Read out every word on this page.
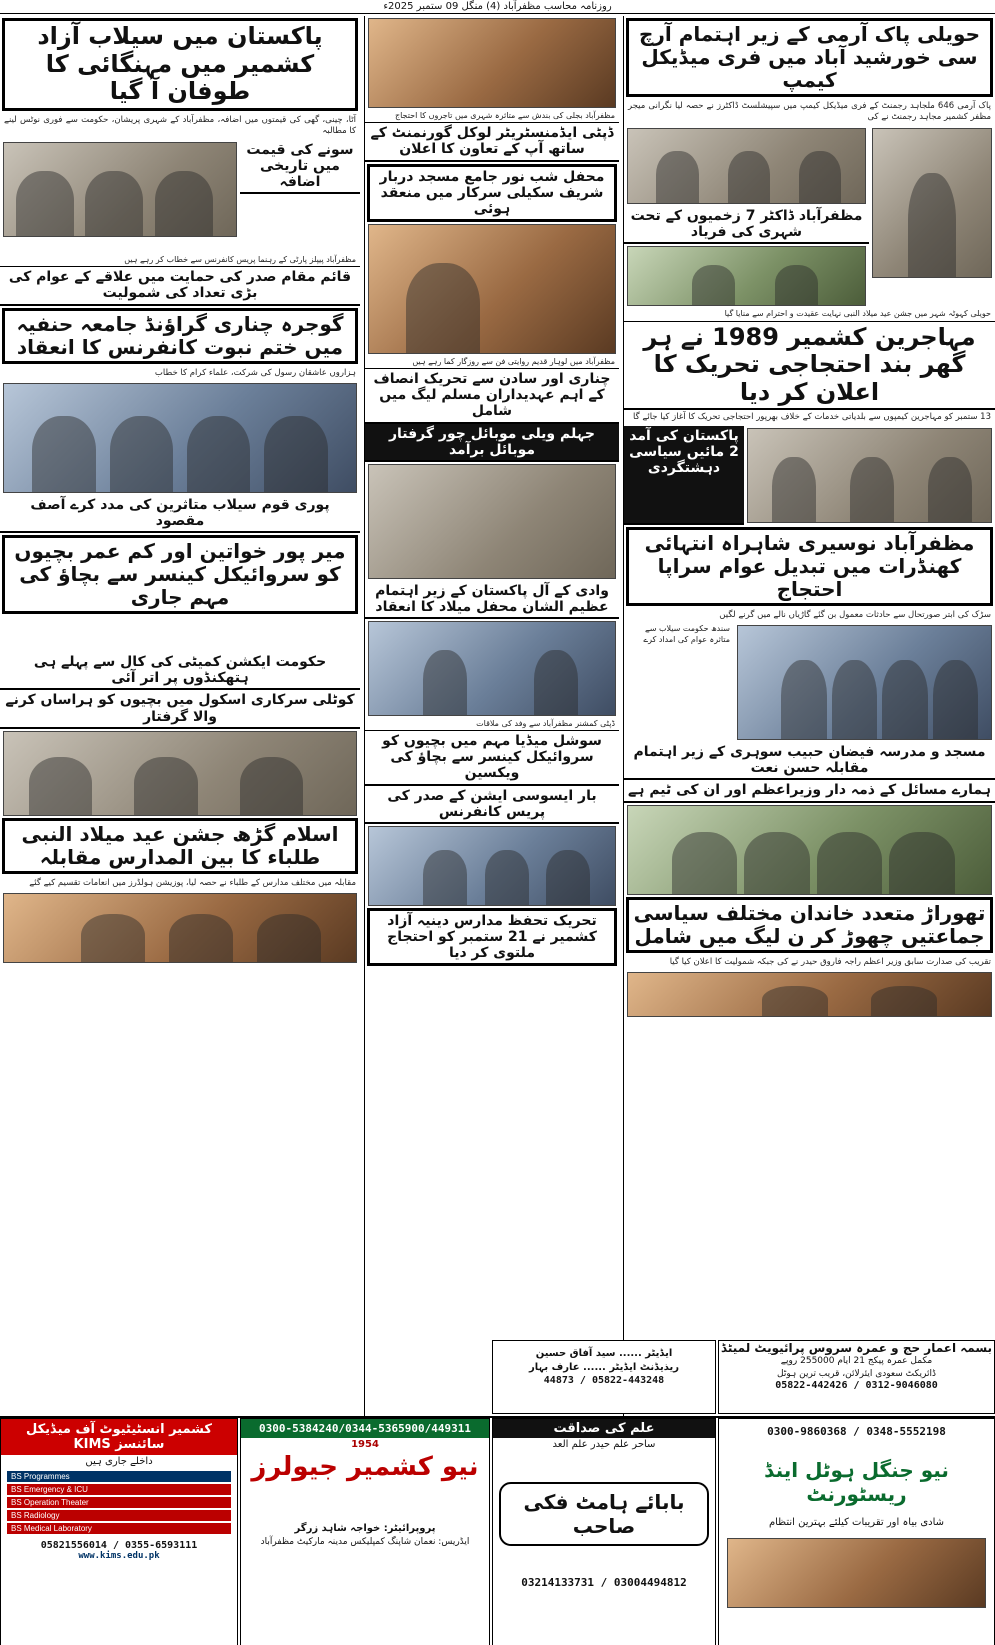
روزنامہ محاسب مظفرآباد (4) منگل 09 ستمبر 2025ء
حویلی پاک آرمی کے زیر اہتمام آرچ سی خورشید آباد میں فری میڈیکل کیمپ
پاک آرمی 646 ملجاہد رجمنٹ کے فری میڈیکل کیمپ میں سپیشلسٹ ڈاکٹرز نے حصہ لیا نگرانی میجر مظفر کشمیر مجاہد رجمنٹ نے کی
مظفرآباد ڈاکٹر 7 زخمیوں کے تحت شہری کی فریاد
حویلی کہوٹہ شہر میں جشن عید میلاد النبی نہایت عقیدت و احترام سے منایا گیا
مہاجرین کشمیر 1989 نے ہر گھر بند احتجاجی تحریک کا اعلان کر دیا
13 ستمبر کو مہاجرین کیمپوں سے بلدیاتی خدمات کے خلاف بھرپور احتجاجی تحریک کا آغاز کیا جائے گا
پاکستان کی آمد 2 مائیں سیاسی دہشتگردی
مظفرآباد نوسیری شاہراہ انتہائی کھنڈرات میں تبدیل عوام سراپا احتجاج
سڑک کی ابتر صورتحال سے حادثات معمول بن گئے گاڑیاں نالے میں گرنے لگیں
سندھ حکومت سیلاب سے متاثرہ عوام کی امداد کرے
مسجد و مدرسہ فیضان حبیب سوہری کے زیر اہتمام مقابلہ حسن نعت
ہمارے مسائل کے ذمہ دار وزیراعظم اور ان کی ٹیم ہے
تھوراڑ متعدد خاندان مختلف سیاسی جماعتیں چھوڑ کر ن لیگ میں شامل
تقریب کی صدارت سابق وزیر اعظم راجہ فاروق حیدر نے کی جبکہ شمولیت کا اعلان کیا گیا
مظفرآباد بجلی کی بندش سے متاثرہ شہری میں تاجروں کا احتجاج
ڈپٹی ایڈمنسٹریٹر لوکل گورنمنٹ کے ساتھ آپ کے تعاون کا اعلان
محفل شب نور جامع مسجد دربار شریف سکیلی سرکار میں منعقد ہوئی
مظفرآباد میں لوہار قدیم روایتی فن سے روزگار کما رہے ہیں
چناری اور سادن سے تحریک انصاف کے اہم عہدیداران مسلم لیگ میں شامل
جہلم ویلی موبائل چور گرفتار موبائل برآمد
وادی کے آل پاکستان کے زیر اہتمام عظیم الشان محفل میلاد کا انعقاد
ڈپٹی کمشنر مظفرآباد سے وفد کی ملاقات
سوشل میڈیا مہم میں بچیوں کو سروائیکل کینسر سے بچاؤ کی ویکسین
بار ایسوسی ایشن کے صدر کی پریس کانفرنس
تحریک تحفظ مدارس دینیہ آزاد کشمیر نے 21 ستمبر کو احتجاج ملتوی کر دیا
پاکستان میں سیلاب آزاد کشمیر میں مہنگائی کا طوفان آ گیا
آٹا، چینی، گھی کی قیمتوں میں اضافہ، مظفرآباد کے شہری پریشان، حکومت سے فوری نوٹس لینے کا مطالبہ
سونے کی قیمت میں تاریخی اضافہ
مظفرآباد پیپلز پارٹی کے رہنما پریس کانفرنس سے خطاب کر رہے ہیں
قائم مقام صدر کی حمایت میں علاقے کے عوام کی بڑی تعداد کی شمولیت
گوجرہ چناری گراؤنڈ جامعہ حنفیہ میں ختم نبوت کانفرنس کا انعقاد
ہزاروں عاشقان رسول کی شرکت، علماء کرام کا خطاب
پوری قوم سیلاب متاثرین کی مدد کرے آصف مقصود
میر پور خواتین اور کم عمر بچیوں کو سروائیکل کینسر سے بچاؤ کی مہم جاری
حکومت ایکشن کمیٹی کی کال سے پہلے ہی ہتھکنڈوں پر اتر آئی
کوٹلی سرکاری اسکول میں بچیوں کو ہراساں کرنے والا گرفتار
اسلام گڑھ جشن عید میلاد النبی طلباء کا بین المدارس مقابلہ
مقابلہ میں مختلف مدارس کے طلباء نے حصہ لیا، پوزیشن ہولڈرز میں انعامات تقسیم کیے گئے
کشمیر انسٹیٹیوٹ آف میڈیکل سائنسز KIMS
داخلے جاری ہیں
BS Programmes
BS Emergency & ICU
BS Operation Theater
BS Radiology
BS Medical Laboratory
05821556014 / 0355-6593111
www.kims.edu.pk
0300-5384240/0344-5365900/449311
1954
نیو کشمیر جیولرز
پروپرائیٹر: خواجہ شاہد زرگر
ایڈریس: نعمان شاپنگ کمپلیکس مدینہ مارکیٹ مظفرآباد
علم کی صداقت
ساحر علم حیدر علم العد
بابائے ہامٹ فکی صاحب
03214133731 / 03004494812
0300-9860368 / 0348-5552198
نیو جنگل ہوٹل اینڈ ریسٹورنٹ
شادی بیاہ اور تقریبات کیلئے بہترین انتظام
ایڈیٹر ...... سید آفاق حسین
ریذیڈنٹ ایڈیٹر ...... عارف بہار
44873 / 05822-443248
بسمہ اعمار حج و عمرہ سروس پرائیویٹ لمیٹڈ
مکمل عمرہ پیکج 21 ایام 255000 روپے
ڈائریکٹ سعودی ایئرلائن، قریب ترین ہوٹل
05822-442426 / 0312-9046080
